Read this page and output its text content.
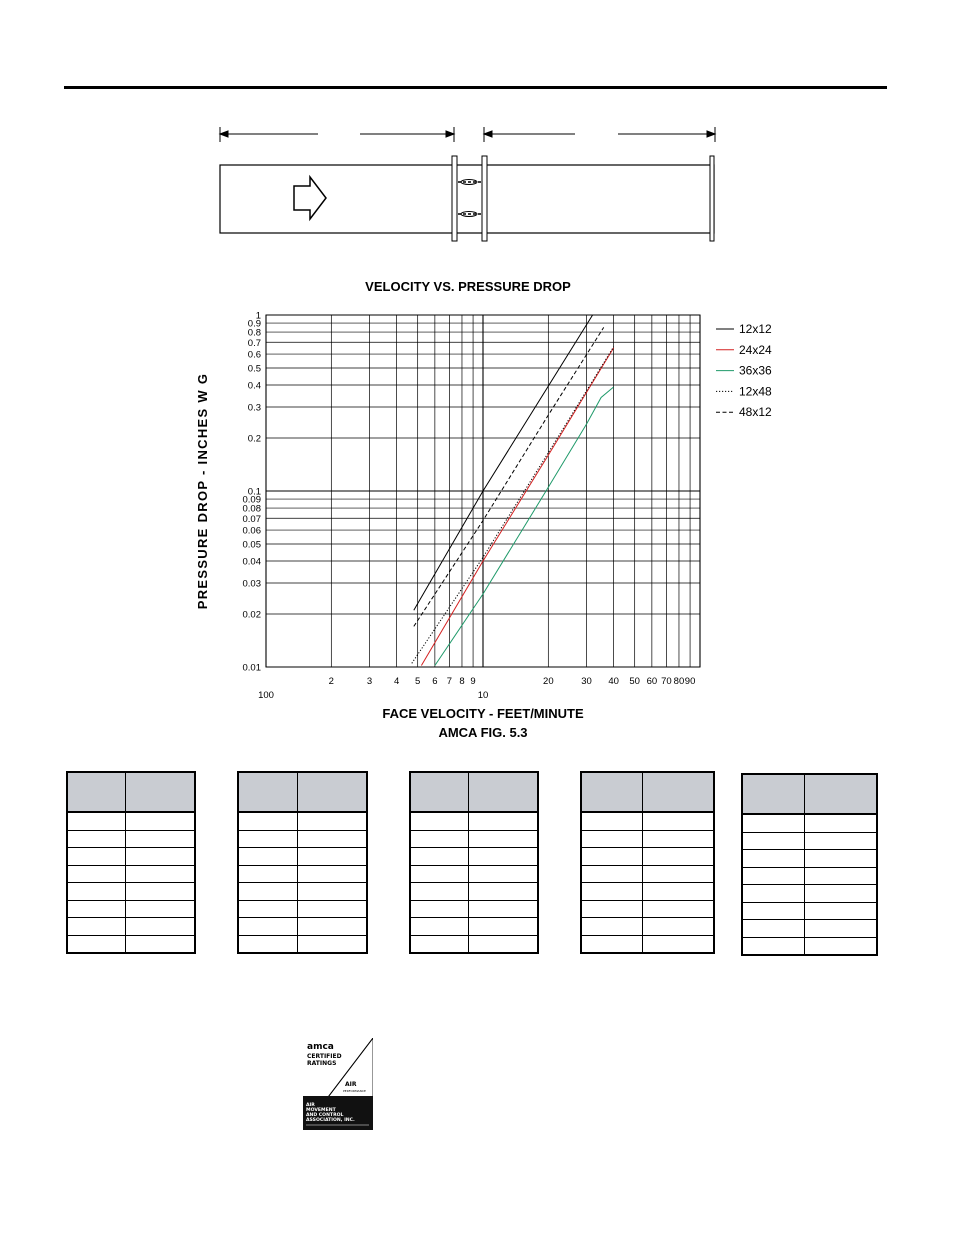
VELOCITY VS. PRESSURE DROP
0.01
0.02
0.03
0.04
0.05
0.06
0.07
0.08
0.09
0.1
0.2
0.3
0.4
0.5
0.6
0.7
0.8
0.9
1
2	3 4 5 6 7 8 9	20	30 40 50 60 70 80 90
100	10
FACE VELOCITY - FEET/MINUTE
AMCA FIG. 5.3
PRESSURE DROP - INCHES W G
12x12
24x24
36x36
12x48
48x12

amca
CERTIFIED
RATINGS
AIR
PERFORMANCE
AIR
MOVEMENT
AND CONTROL
ASSOCIATION, INC.
